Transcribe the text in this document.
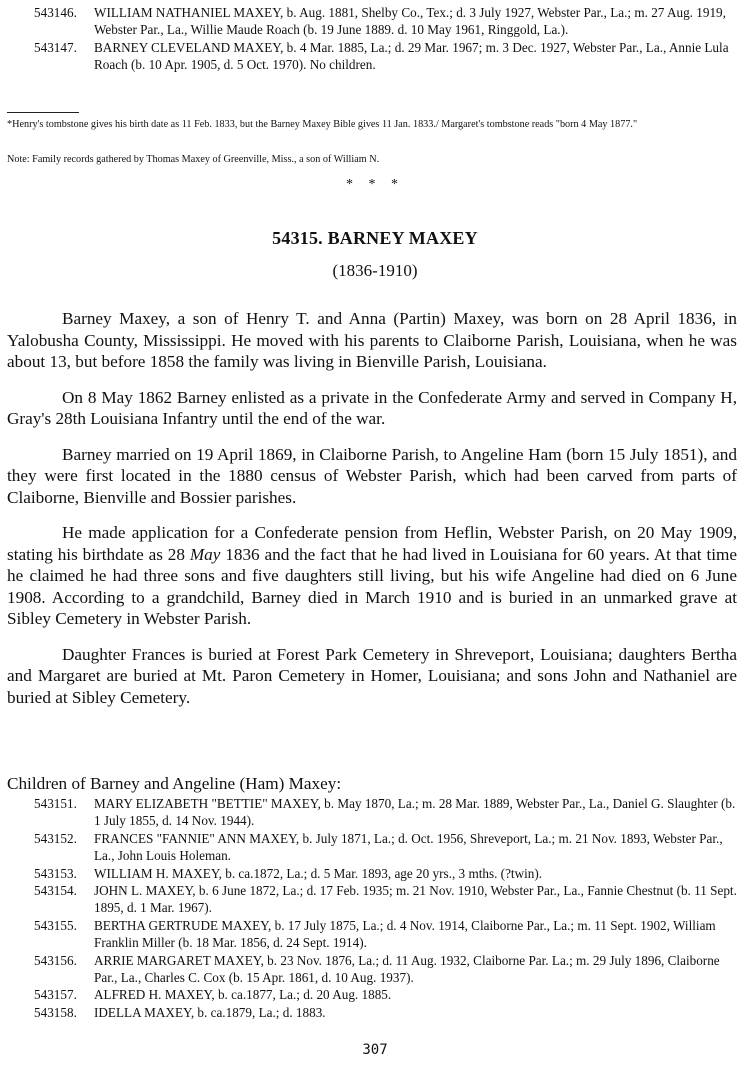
543146.	WILLIAM NATHANIEL MAXEY, b. Aug. 1881, Shelby Co., Tex.; d. 3 July 1927, Webster Par., La.; m. 27 Aug. 1919, Webster Par., La., Willie Maude Roach (b. 19 June 1889. d. 10 May 1961, Ringgold, La.).

543147.	BARNEY CLEVELAND MAXEY, b. 4 Mar. 1885, La.; d. 29 Mar. 1967; m. 3 Dec. 1927, Webster Par., La., Annie Lula Roach (b. 10 Apr. 1905, d. 5 Oct. 1970). No children.

*Henry's tombstone gives his birth date as 11 Feb. 1833, but the Barney Maxey Bible gives 11 Jan. 1833./ Margaret's tombstone reads "born 4 May 1877."

Note: Family records gathered by Thomas Maxey of Greenville, Miss., a son of William N.

* * *
54315. BARNEY MAXEY
(1836-1910)

Barney Maxey, a son of Henry T. and Anna (Partin) Maxey, was born on 28 April 1836, in Yalobusha County, Mississippi. He moved with his parents to Claiborne Parish, Louisiana, when he was about 13, but before 1858 the family was living in Bienville Parish, Louisiana.

On 8 May 1862 Barney enlisted as a private in the Confederate Army and served in Company H, Gray's 28th Louisiana Infantry until the end of the war.

Barney married on 19 April 1869, in Claiborne Parish, to Angeline Ham (born 15 July 1851), and they were first located in the 1880 census of Webster Parish, which had been carved from parts of Claiborne, Bienville and Bossier parishes.

He made application for a Confederate pension from Heflin, Webster Parish, on 20 May 1909, stating his birthdate as 28 May 1836 and the fact that he had lived in Louisiana for 60 years. At that time he claimed he had three sons and five daughters still living, but his wife Angeline had died on 6 June 1908. According to a grandchild, Barney died in March 1910 and is buried in an unmarked grave at Sibley Cemetery in Webster Parish.

Daughter Frances is buried at Forest Park Cemetery in Shreveport, Louisiana; daughters Bertha and Margaret are buried at Mt. Paron Cemetery in Homer, Louisiana; and sons John and Nathaniel are buried at Sibley Cemetery.

Children of Barney and Angeline (Ham) Maxey:

543151.	MARY ELIZABETH "BETTIE" MAXEY, b. May 1870, La.; m. 28 Mar. 1889, Webster Par., La., Daniel G. Slaughter (b. 1 July 1855, d. 14 Nov. 1944).

543152.	FRANCES "FANNIE" ANN MAXEY, b. July 1871, La.; d. Oct. 1956, Shreveport, La.; m. 21 Nov. 1893, Webster Par., La., John Louis Holeman.

543153.	WILLIAM H. MAXEY, b. ca.1872, La.; d. 5 Mar. 1893, age 20 yrs., 3 mths. (?twin).

543154.	JOHN L. MAXEY, b. 6 June 1872, La.; d. 17 Feb. 1935; m. 21 Nov. 1910, Webster Par., La., Fannie Chestnut (b. 11 Sept. 1895, d. 1 Mar. 1967).

543155.	BERTHA GERTRUDE MAXEY, b. 17 July 1875, La.; d. 4 Nov. 1914, Claiborne Par., La.; m. 11 Sept. 1902, William Franklin Miller (b. 18 Mar. 1856, d. 24 Sept. 1914).

543156.	ARRIE MARGARET MAXEY, b. 23 Nov. 1876, La.; d. 11 Aug. 1932, Claiborne Par. La.; m. 29 July 1896, Claiborne Par., La., Charles C. Cox (b. 15 Apr. 1861, d. 10 Aug. 1937).

543157.	ALFRED H. MAXEY, b. ca.1877, La.; d. 20 Aug. 1885.

543158.	IDELLA MAXEY, b. ca.1879, La.; d. 1883.

307
